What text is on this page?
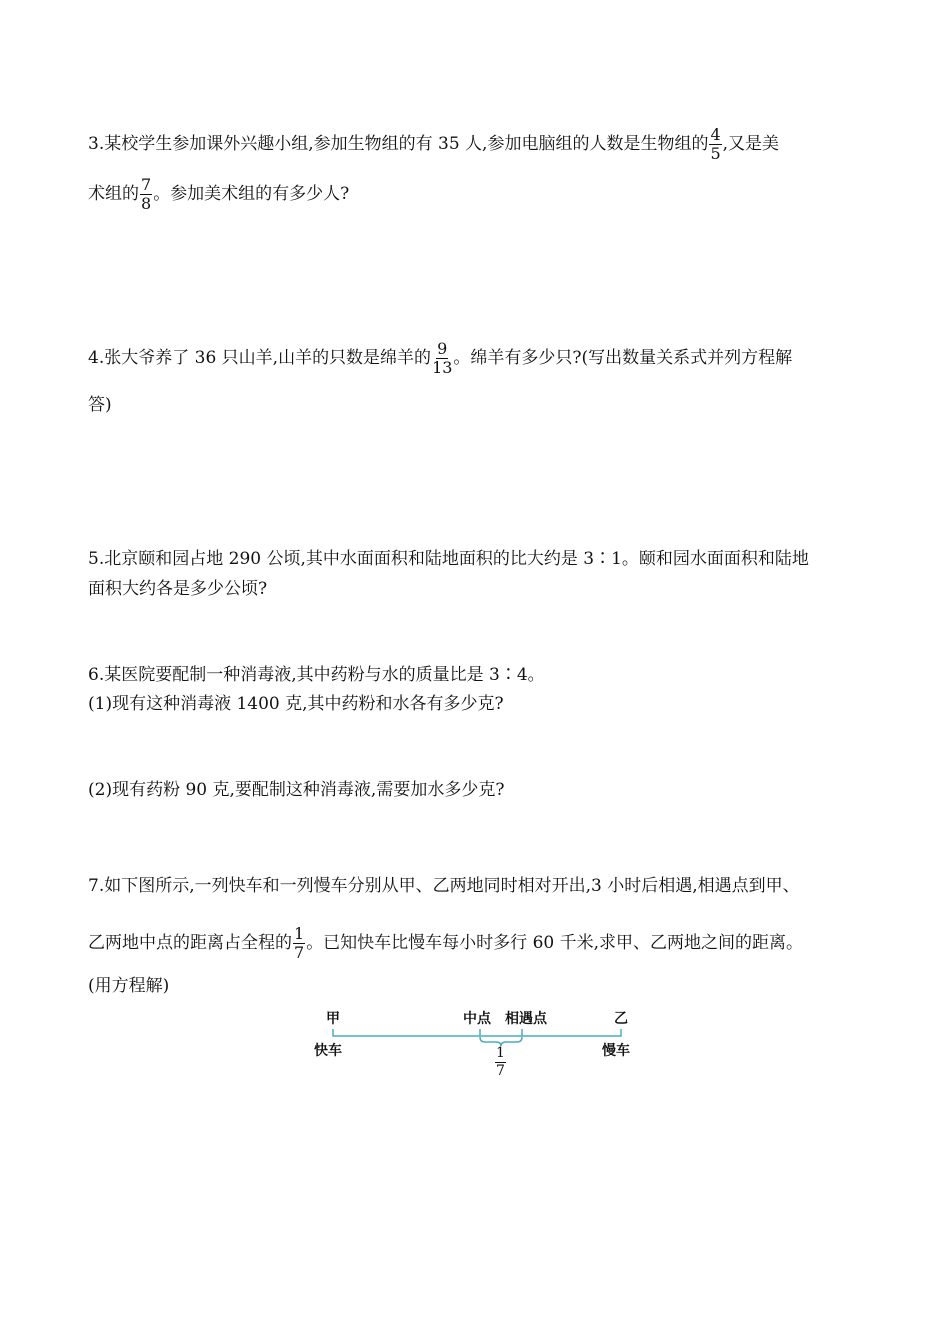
3.某校学生参加课外兴趣小组,参加生物组的有 35 人,参加电脑组的人数是生物组的 $\frac{4}{5}$ ,又是美
术组的 $\frac{7}{8}$ 。参加美术组的有多少人?
4.张大爷养了 36 只山羊,山羊的只数是绵羊的 $\frac{9}{13}$ 。绵羊有多少只?(写出数量关系式并列方程解
答)
5.北京颐和园占地 290 公顷,其中水面面积和陆地面积的比大约是 3∶1。颐和园水面面积和陆地
面积大约各是多少公顷?
6.某医院要配制一种消毒液,其中药粉与水的质量比是 3∶4。
(1)现有这种消毒液 1400 克,其中药粉和水各有多少克?
(2)现有药粉 90 克,要配制这种消毒液,需要加水多少克?
7.如下图所示,一列快车和一列慢车分别从甲、乙两地同时相对开出,3 小时后相遇,相遇点到甲、
乙两地中点的距离占全程的 $\frac{1}{7}$ 。已知快车比慢车每小时多行 60 千米,求甲、乙两地之间的距离。
(用方程解)
甲	中点 相遇点	乙
快车	慢车
$\frac{1}{7}$
